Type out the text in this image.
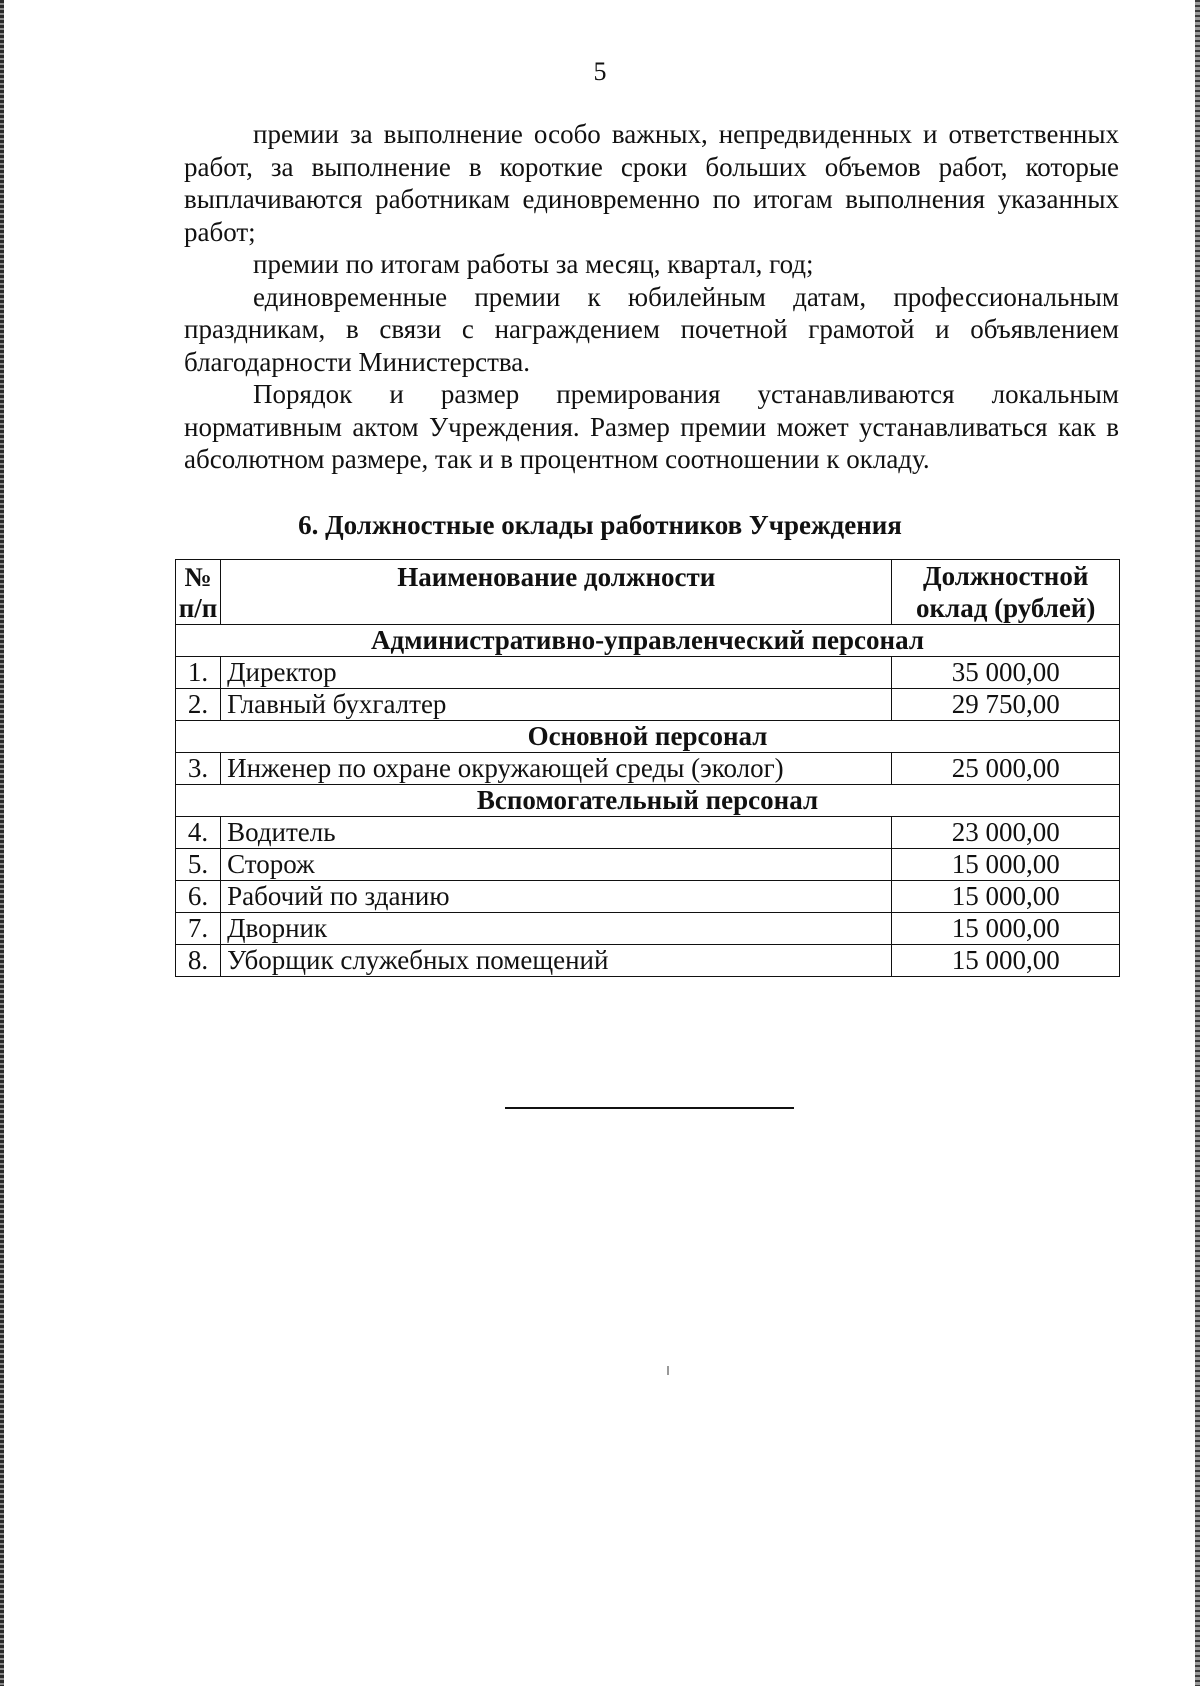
5

премии за выполнение особо важных, непредвиденных и ответственных работ, за выполнение в короткие сроки больших объемов работ, которые выплачиваются работникам единовременно по итогам выполнения указанных работ;

премии по итогам работы за месяц, квартал, год;

единовременные премии к юбилейным датам, профессиональным праздникам, в связи с награждением почетной грамотой и объявлением благодарности Министерства.

Порядок и размер премирования устанавливаются локальным нормативным актом Учреждения. Размер премии может устанавливаться как в абсолютном размере, так и в процентном соотношении к окладу.

6. Должностные оклады работников Учреждения
№ п/п	Наименование должности	Должностной оклад (рублей)
Административно-управленческий персонал		
1.	Директор	35 000,00
2.	Главный бухгалтер	29 750,00
Основной персонал		
3.	Инженер по охране окружающей среды (эколог)	25 000,00
Вспомогательный персонал		
4.	Водитель	23 000,00
5.	Сторож	15 000,00
6.	Рабочий по зданию	15 000,00
7.	Дворник	15 000,00
8.	Уборщик служебных помещений	15 000,00
